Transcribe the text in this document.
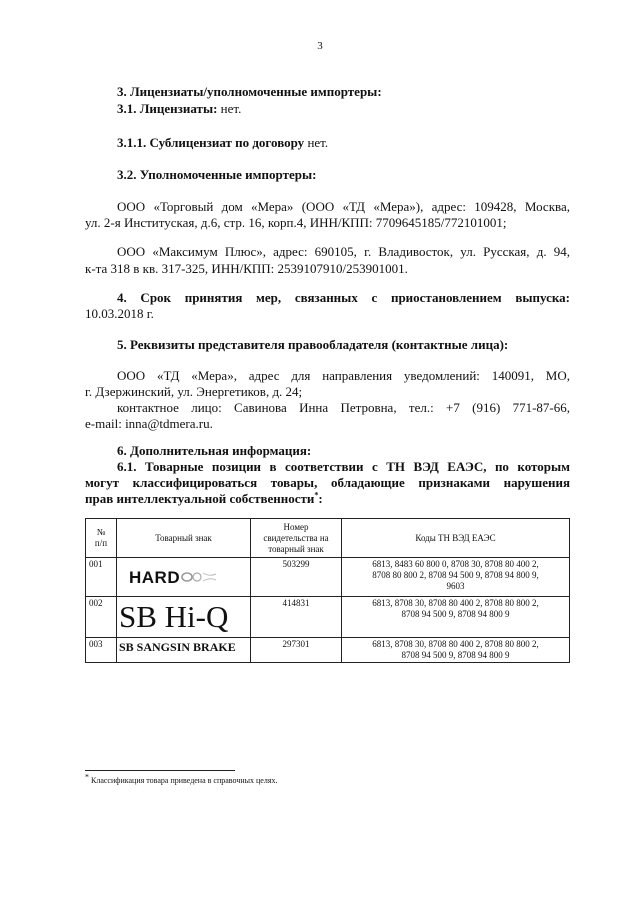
3
3. Лицензиаты/уполномоченные импортеры:
3.1. Лицензиаты: нет.
3.1.1. Сублицензиат по договору нет.
3.2. Уполномоченные импортеры:
ООО «Торговый дом «Мера» (ООО «ТД «Мера»), адрес: 109428, Москва,
ул. 2-я Институская, д.6, стр. 16, корп.4, ИНН/КПП: 7709645185/772101001;
ООО «Максимум Плюс», адрес: 690105, г. Владивосток, ул. Русская, д. 94,
к-та 318 в кв. 317-325, ИНН/КПП: 2539107910/253901001.
4. Срок принятия мер, связанных с приостановлением выпуска:
10.03.2018 г.
5. Реквизиты представителя правообладателя (контактные лица):
ООО «ТД «Мера», адрес для направления уведомлений: 140091, МО,
г. Дзержинский, ул. Энергетиков, д. 24;
контактное лицо: Савинова Инна Петровна, тел.: +7 (916) 771-87-66,
e-mail: inna@tdmera.ru.
6. Дополнительная информация:
6.1. Товарные позиции в соответствии с ТН ВЭД ЕАЭС, по которым
могут классифицироваться товары, обладающие признаками нарушения
прав интеллектуальной собственности*:
№
п/п	Товарный знак	Номер
свидетельства на
товарный знак	Коды ТН ВЭД ЕАЭС
001	HARD	503299	6813, 8483 60 800 0, 8708 30, 8708 80 400 2,
8708 80 800 2, 8708 94 500 9, 8708 94 800 9,
9603
002	SB Hi-Q	414831	6813, 8708 30, 8708 80 400 2, 8708 80 800 2,
8708 94 500 9, 8708 94 800 9
003	SB SANGSIN BRAKE	297301	6813, 8708 30, 8708 80 400 2, 8708 80 800 2,
8708 94 500 9, 8708 94 800 9
* Классификация товара приведена в справочных целях.
